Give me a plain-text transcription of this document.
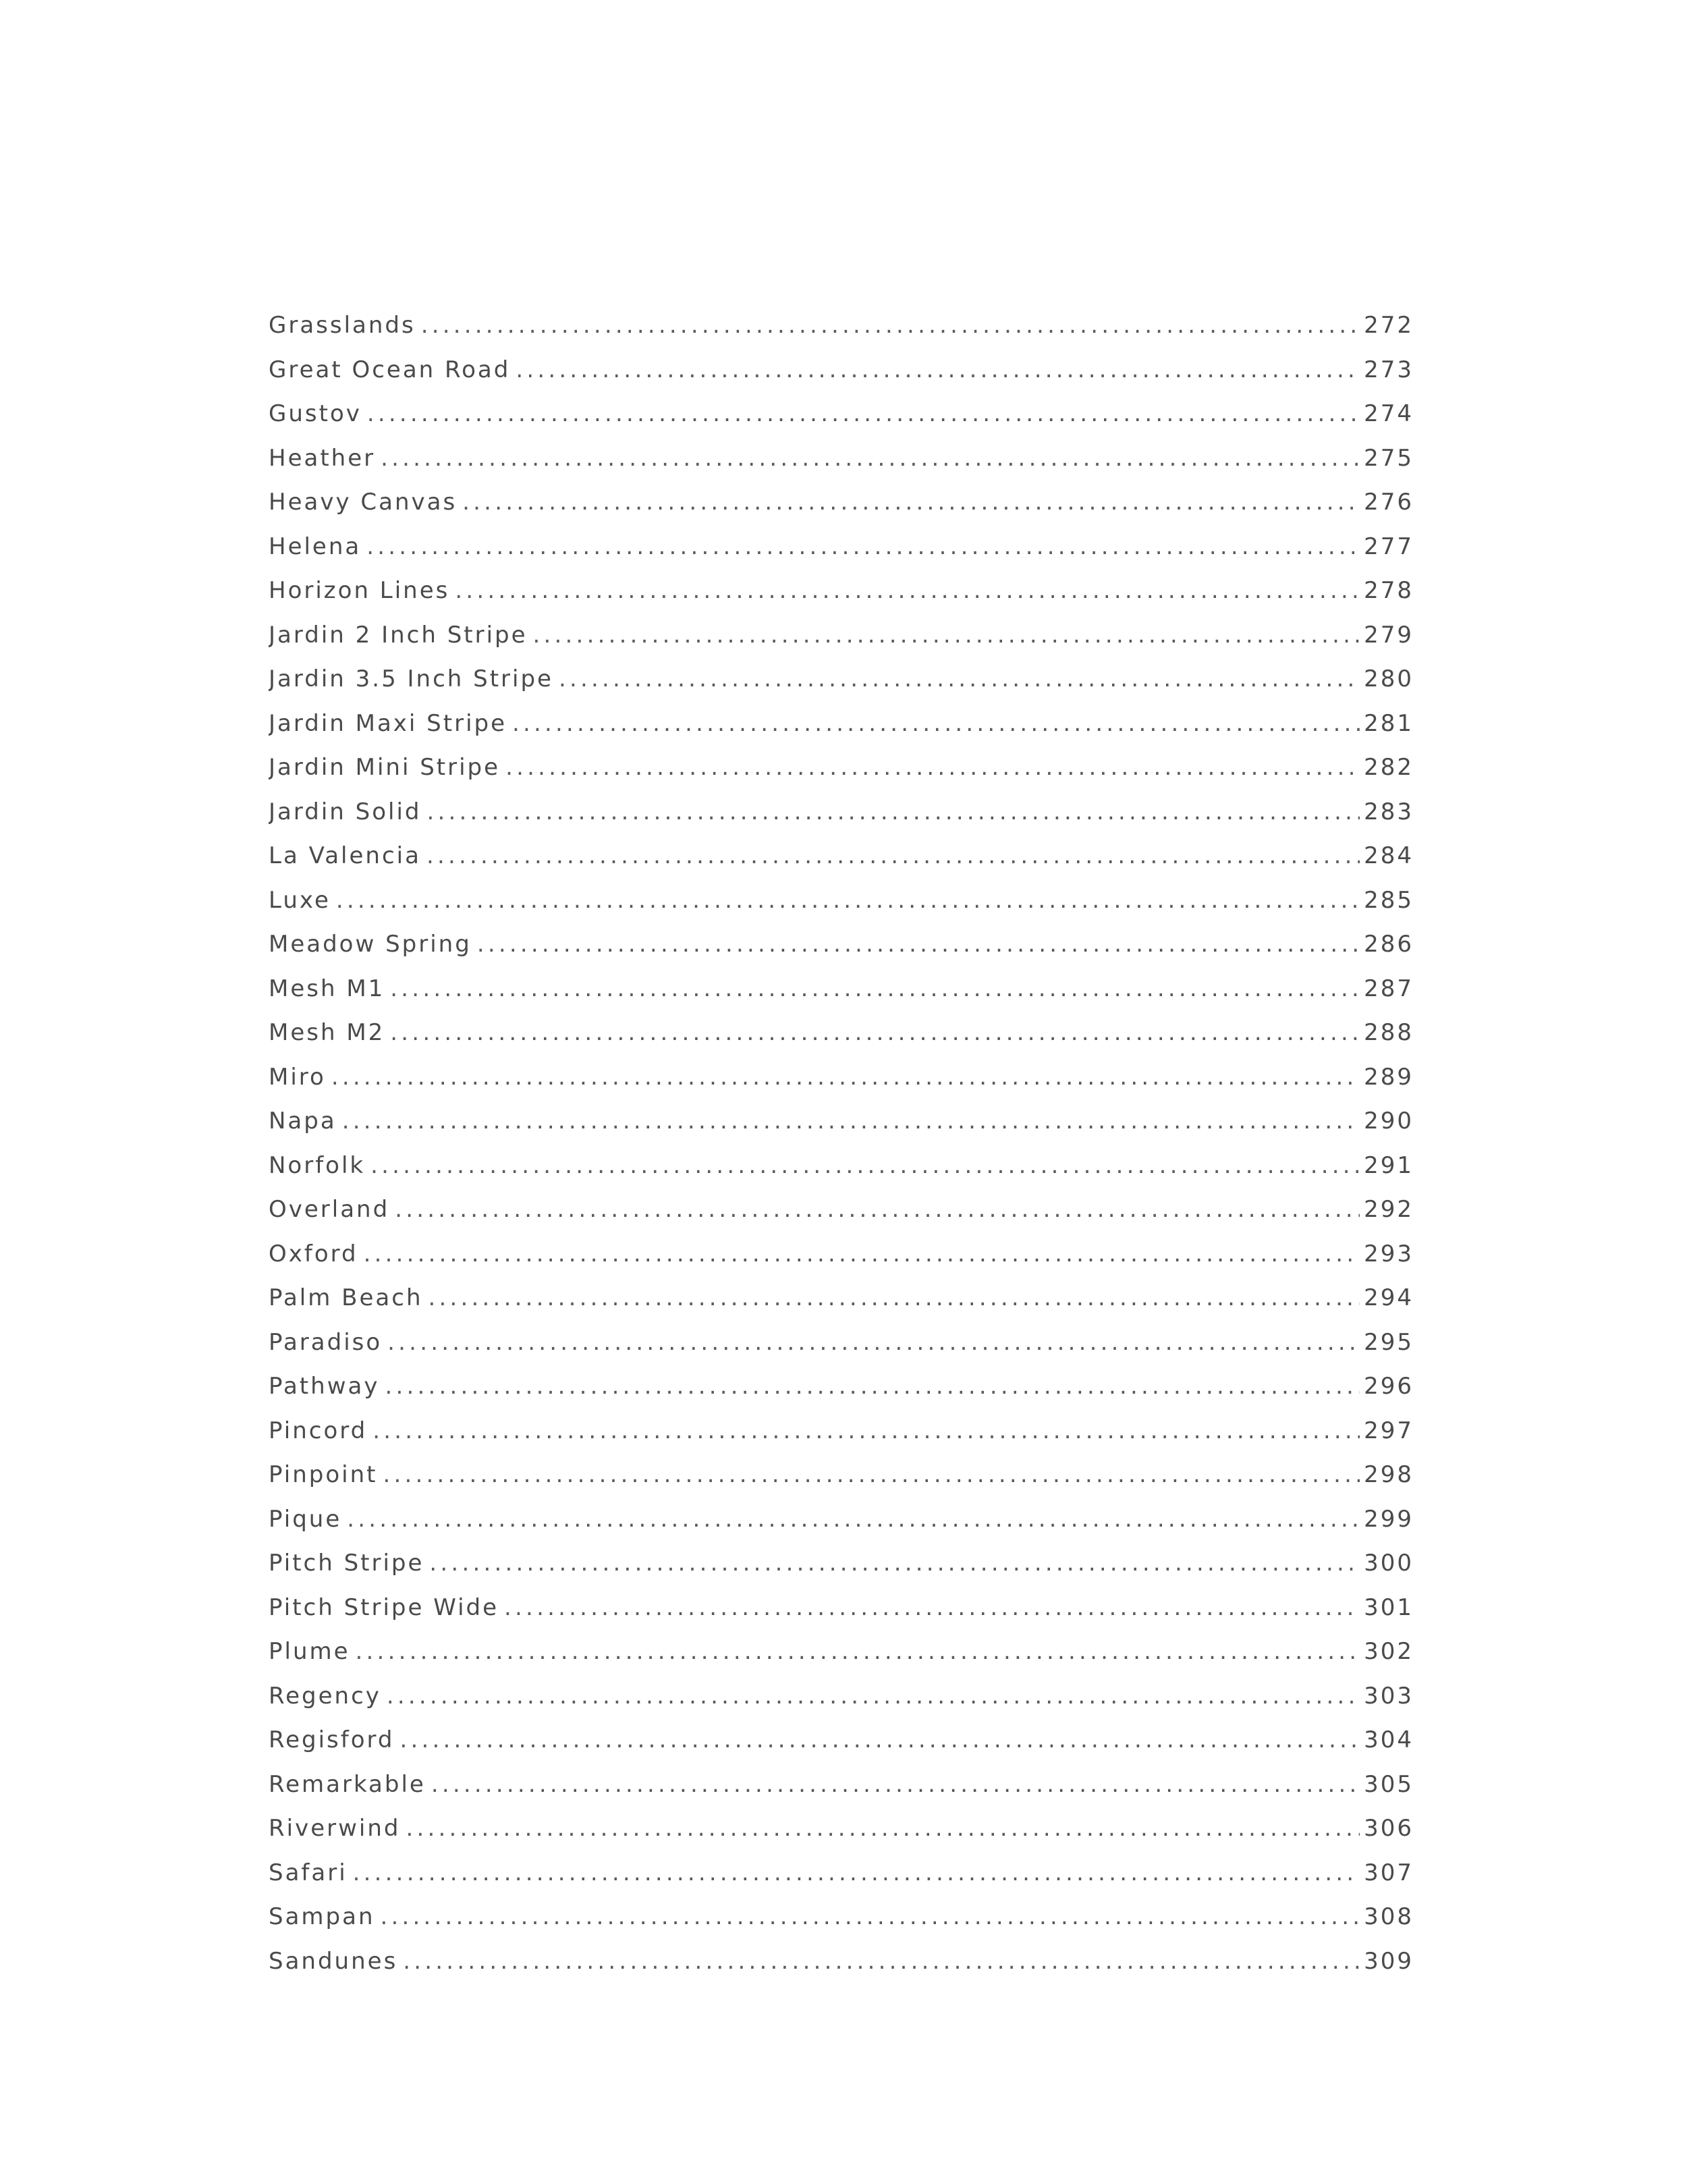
Grasslands .....	272
Great Ocean Road .....	273
Gustov .....	274
Heather .....	275
Heavy Canvas .....	276
Helena .....	277
Horizon Lines .....	278
Jardin 2 Inch Stripe .....	279
Jardin 3.5 Inch Stripe .....	280
Jardin Maxi Stripe .....	281
Jardin Mini Stripe .....	282
Jardin Solid .....	283
La Valencia .....	284
Luxe .....	285
Meadow Spring .....	286
Mesh M1 .....	287
Mesh M2 .....	288
Miro .....	289
Napa .....	290
Norfolk .....	291
Overland .....	292
Oxford .....	293
Palm Beach .....	294
Paradiso .....	295
Pathway .....	296
Pincord .....	297
Pinpoint .....	298
Pique .....	299
Pitch Stripe .....	300
Pitch Stripe Wide .....	301
Plume .....	302
Regency .....	303
Regisford .....	304
Remarkable .....	305
Riverwind .....	306
Safari .....	307
Sampan .....	308
Sandunes .....	309
